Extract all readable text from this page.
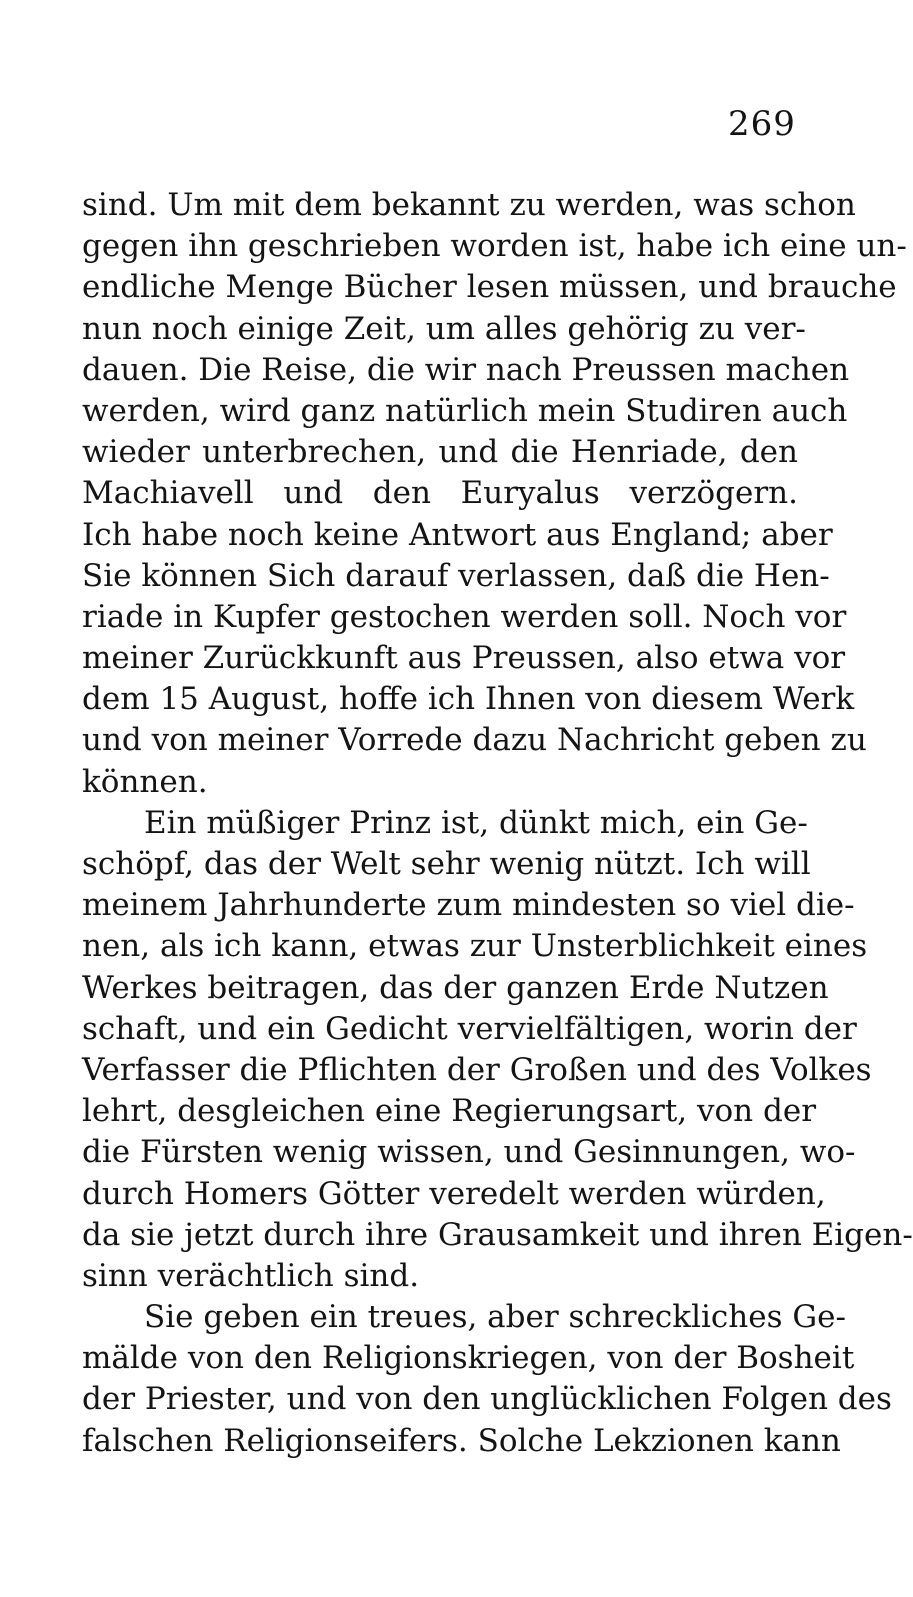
269
sind. Um mit dem bekannt zu werden, was schon
gegen ihn geschrieben worden ist, habe ich eine un-
endliche Menge Bücher lesen müssen, und brauche
nun noch einige Zeit, um alles gehörig zu ver-
dauen. Die Reise, die wir nach Preussen machen
werden, wird ganz natürlich mein Studiren auch
wieder unterbrechen, und die Henriade, den
Machiavell und den Euryalus verzögern.
Ich habe noch keine Antwort aus England; aber
Sie können Sich darauf verlassen, daß die Hen-
riade in Kupfer gestochen werden soll. Noch vor
meiner Zurückkunft aus Preussen, also etwa vor
dem 15 August, hoffe ich Ihnen von diesem Werk
und von meiner Vorrede dazu Nachricht geben zu
können.
Ein müßiger Prinz ist, dünkt mich, ein Ge-
schöpf, das der Welt sehr wenig nützt. Ich will
meinem Jahrhunderte zum mindesten so viel die-
nen, als ich kann, etwas zur Unsterblichkeit eines
Werkes beitragen, das der ganzen Erde Nutzen
schaft, und ein Gedicht vervielfältigen, worin der
Verfasser die Pflichten der Großen und des Volkes
lehrt, desgleichen eine Regierungsart, von der
die Fürsten wenig wissen, und Gesinnungen, wo-
durch Homers Götter veredelt werden würden,
da sie jetzt durch ihre Grausamkeit und ihren Eigen-
sinn verächtlich sind.
Sie geben ein treues, aber schreckliches Ge-
mälde von den Religionskriegen, von der Bosheit
der Priester, und von den unglücklichen Folgen des
falschen Religionseifers. Solche Lekzionen kann
